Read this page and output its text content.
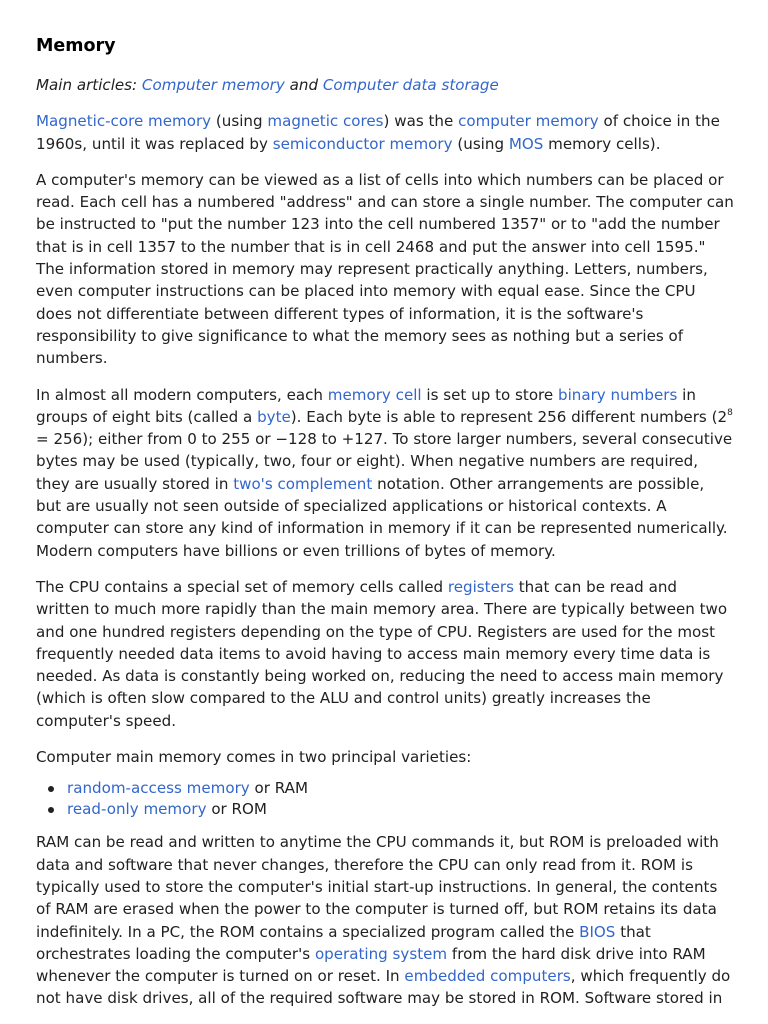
Memory
Main articles: Computer memory and Computer data storage

Magnetic-core memory (using magnetic cores) was the computer memory of choice in the 1960s, until it was replaced by semiconductor memory (using MOS memory cells).

A computer's memory can be viewed as a list of cells into which numbers can be placed or read. Each cell has a numbered "address" and can store a single number. The computer can be instructed to "put the number 123 into the cell numbered 1357" or to "add the number that is in cell 1357 to the number that is in cell 2468 and put the answer into cell 1595." The information stored in memory may represent practically anything. Letters, numbers, even computer instructions can be placed into memory with equal ease. Since the CPU does not differentiate between different types of information, it is the software's responsibility to give significance to what the memory sees as nothing but a series of numbers.

In almost all modern computers, each memory cell is set up to store binary numbers in groups of eight bits (called a byte). Each byte is able to represent 256 different numbers $(2^8 = 256)$; either from 0 to 255 or −128 to +127. To store larger numbers, several consecutive bytes may be used (typically, two, four or eight). When negative numbers are required, they are usually stored in two's complement notation. Other arrangements are possible, but are usually not seen outside of specialized applications or historical contexts. A computer can store any kind of information in memory if it can be represented numerically. Modern computers have billions or even trillions of bytes of memory.

The CPU contains a special set of memory cells called registers that can be read and written to much more rapidly than the main memory area. There are typically between two and one hundred registers depending on the type of CPU. Registers are used for the most frequently needed data items to avoid having to access main memory every time data is needed. As data is constantly being worked on, reducing the need to access main memory (which is often slow compared to the ALU and control units) greatly increases the computer's speed.

Computer main memory comes in two principal varieties:

random-access memory or RAM
read-only memory or ROM

RAM can be read and written to anytime the CPU commands it, but ROM is preloaded with data and software that never changes, therefore the CPU can only read from it. ROM is typically used to store the computer's initial start-up instructions. In general, the contents of RAM are erased when the power to the computer is turned off, but ROM retains its data indefinitely. In a PC, the ROM contains a specialized program called the BIOS that orchestrates loading the computer's operating system from the hard disk drive into RAM whenever the computer is turned on or reset. In embedded computers, which frequently do not have disk drives, all of the required software may be stored in ROM. Software stored in
